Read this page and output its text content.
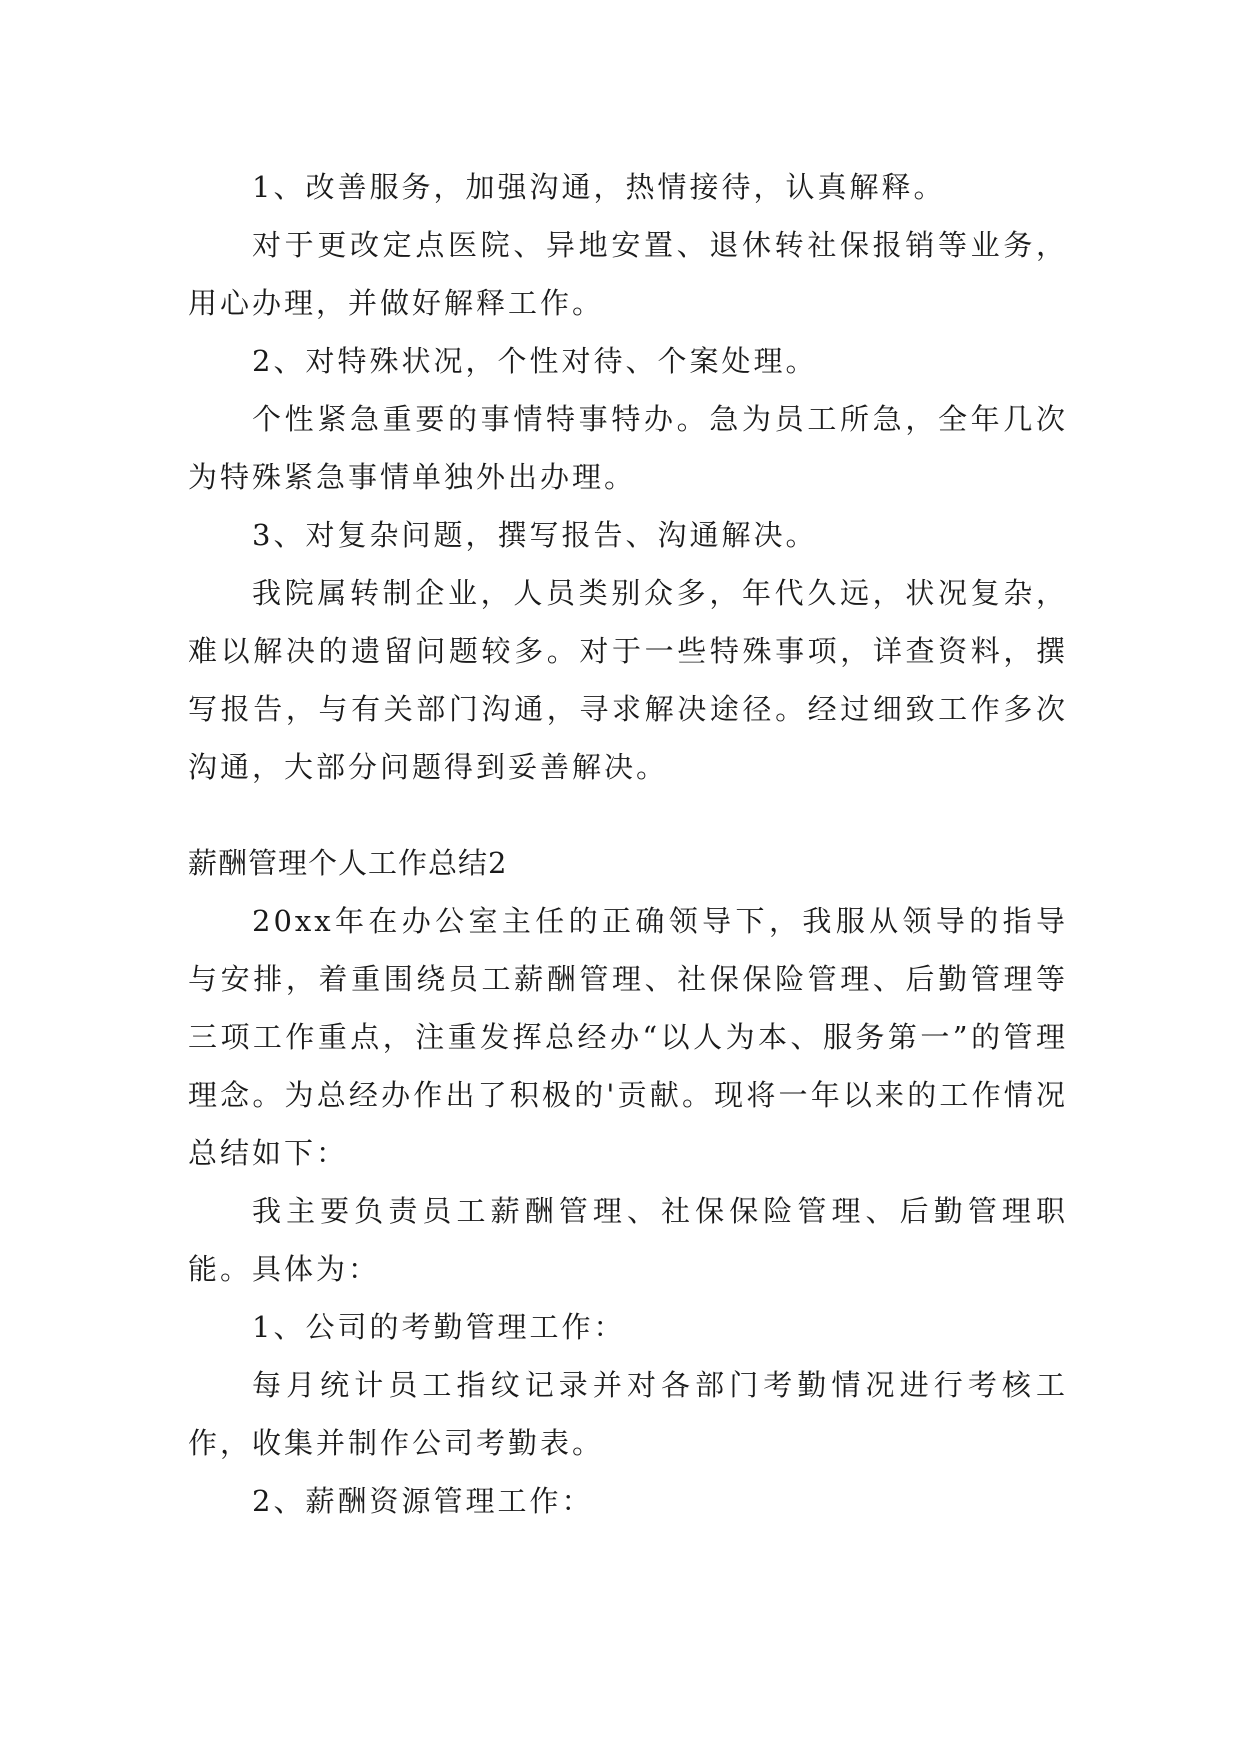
1、改善服务，加强沟通，热情接待，认真解释。

对于更改定点医院、异地安置、退休转社保报销等业务，用心办理，并做好解释工作。

2、对特殊状况，个性对待、个案处理。

个性紧急重要的事情特事特办。急为员工所急，全年几次为特殊紧急事情单独外出办理。

3、对复杂问题，撰写报告、沟通解决。

我院属转制企业，人员类别众多，年代久远，状况复杂，难以解决的遗留问题较多。对于一些特殊事项，详查资料，撰写报告，与有关部门沟通，寻求解决途径。经过细致工作多次沟通，大部分问题得到妥善解决。

薪酬管理个人工作总结2

20xx年在办公室主任的正确领导下，我服从领导的指导与安排，着重围绕员工薪酬管理、社保保险管理、后勤管理等三项工作重点，注重发挥总经办“以人为本、服务第一”的管理理念。为总经办作出了积极的'贡献。现将一年以来的工作情况总结如下：

我主要负责员工薪酬管理、社保保险管理、后勤管理职能。具体为：

1、公司的考勤管理工作：

每月统计员工指纹记录并对各部门考勤情况进行考核工作，收集并制作公司考勤表。

2、薪酬资源管理工作：
